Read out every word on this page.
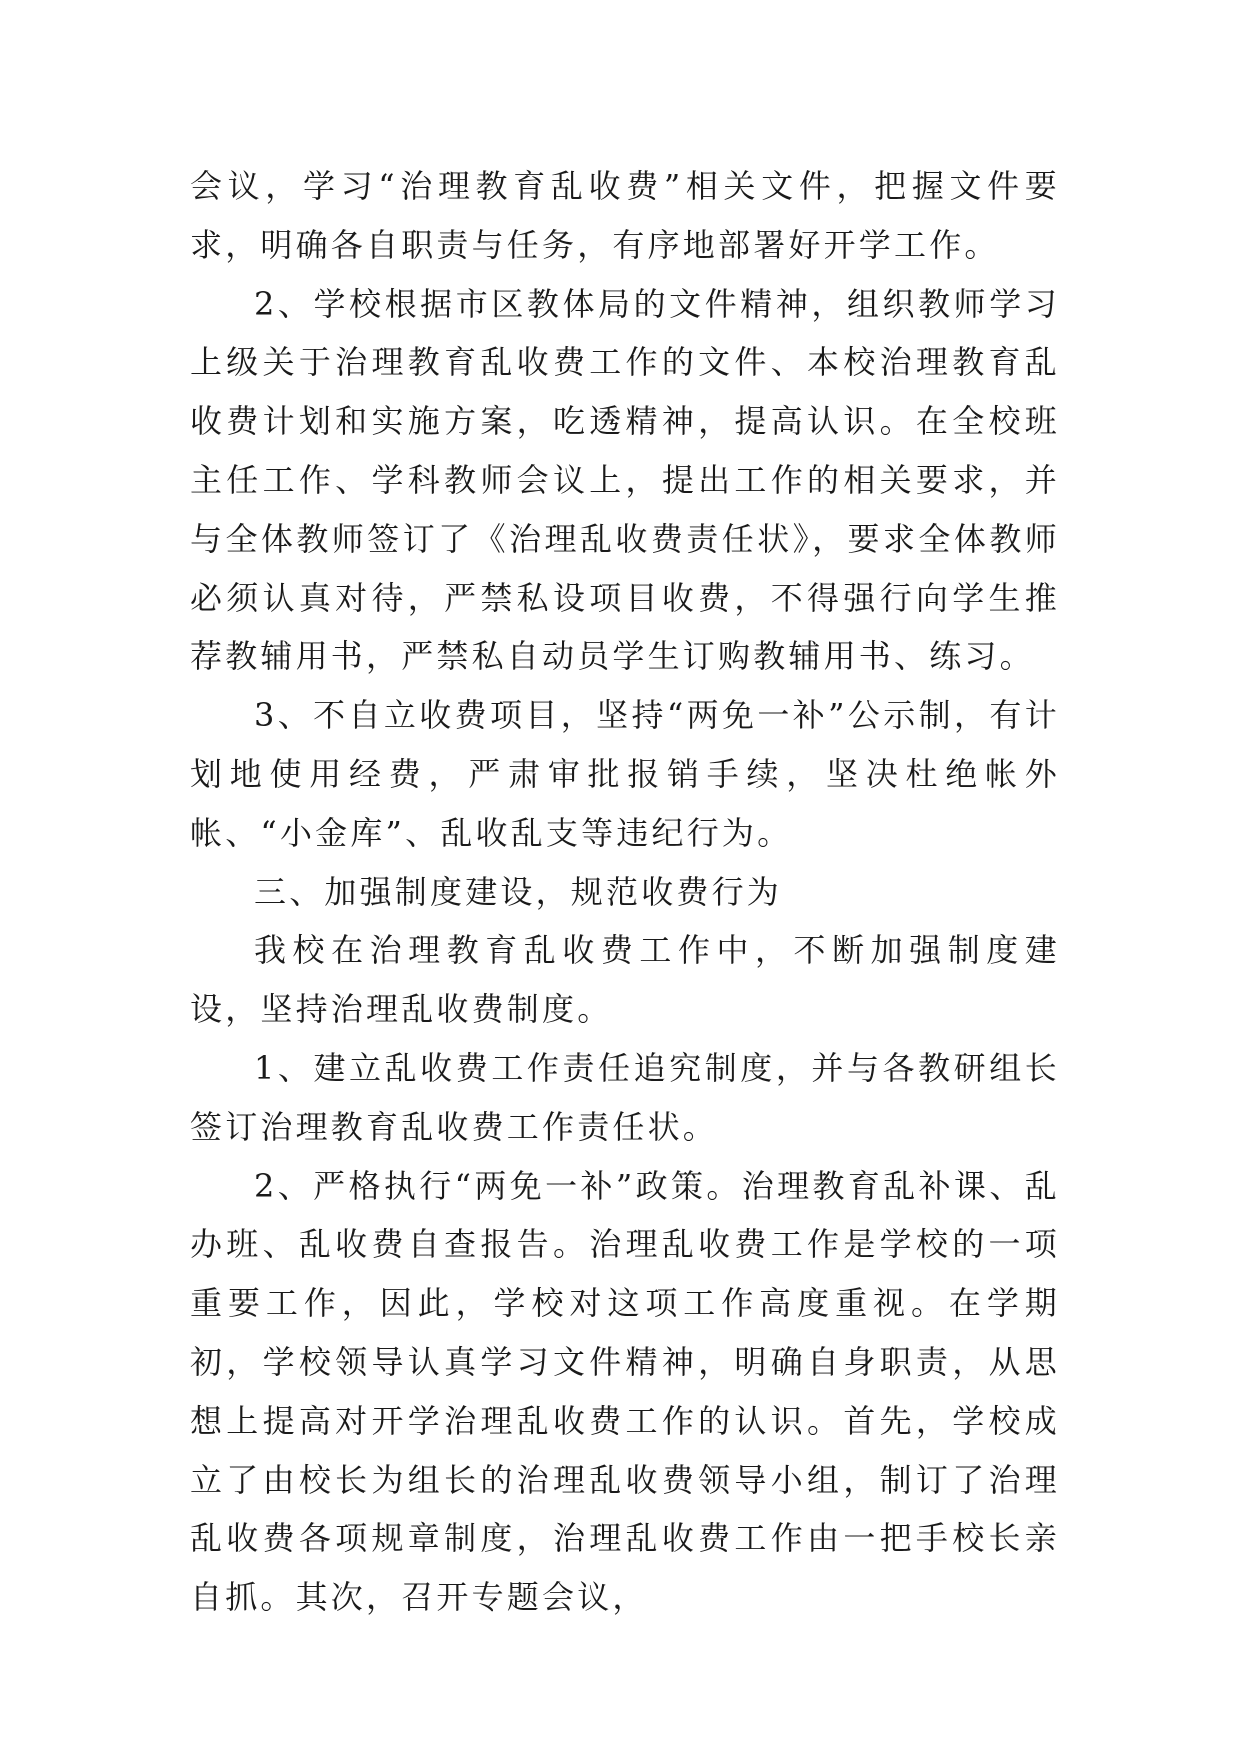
会议，学习“治理教育乱收费”相关文件，把握文件要求，明确各自职责与任务，有序地部署好开学工作。

2、学校根据市区教体局的文件精神，组织教师学习上级关于治理教育乱收费工作的文件、本校治理教育乱收费计划和实施方案，吃透精神，提高认识。在全校班主任工作、学科教师会议上，提出工作的相关要求，并与全体教师签订了《治理乱收费责任状》，要求全体教师必须认真对待，严禁私设项目收费，不得强行向学生推荐教辅用书，严禁私自动员学生订购教辅用书、练习。

3、不自立收费项目，坚持“两免一补”公示制，有计划地使用经费，严肃审批报销手续，坚决杜绝帐外帐、“小金库”、乱收乱支等违纪行为。

三、加强制度建设，规范收费行为

我校在治理教育乱收费工作中，不断加强制度建设，坚持治理乱收费制度。

1、建立乱收费工作责任追究制度，并与各教研组长签订治理教育乱收费工作责任状。

2、严格执行“两免一补”政策。治理教育乱补课、乱办班、乱收费自查报告。治理乱收费工作是学校的一项重要工作，因此，学校对这项工作高度重视。在学期初，学校领导认真学习文件精神，明确自身职责，从思想上提高对开学治理乱收费工作的认识。首先，学校成立了由校长为组长的治理乱收费领导小组，制订了治理乱收费各项规章制度，治理乱收费工作由一把手校长亲自抓。其次，召开专题会议，
